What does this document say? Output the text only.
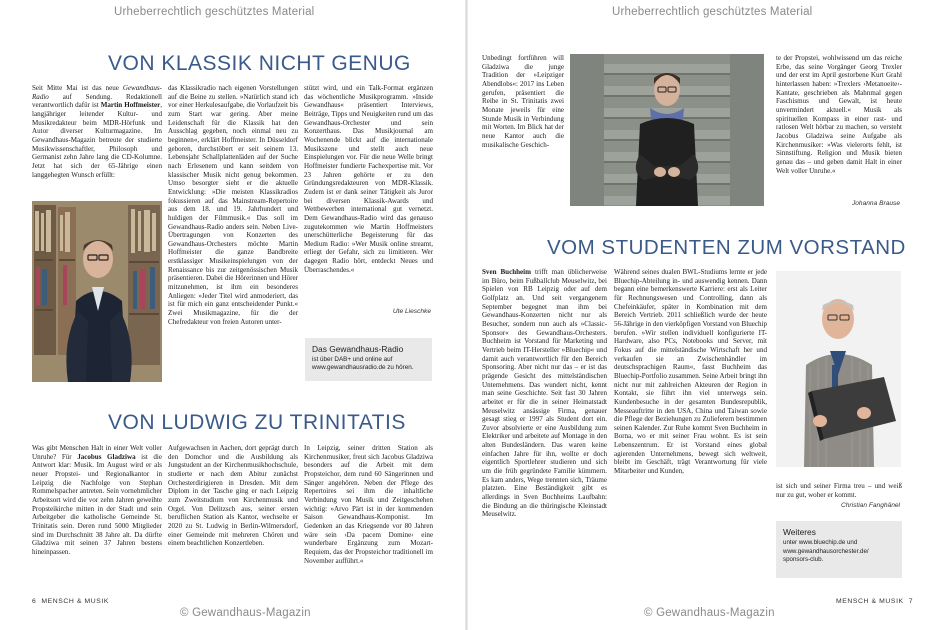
Urheberrechtlich geschütztes Material	Urheberrechtlich geschütztes Material
VON KLASSIK NICHT GENUG
Seit Mitte Mai ist das neue Gewandhaus-Radio auf Sendung. Redaktionell verantwortlich dafür ist Martin Hoffmeister, langjähriger leitender Kultur- und Musikredakteur beim MDR-Hörfunk und Autor diverser Kulturmagazine. Im Gewandhaus-Magazin betreute der studierte Musikwissenschaftler, Philosoph und Germanist zehn Jahre lang die CD-Kolumne. Jetzt hat sich der 65-Jährige einen langgehegten Wunsch erfüllt:
das Klassikradio nach eigenen Vorstellungen auf die Beine zu stellen. »Natürlich stand ich vor einer Herkulesaufgabe, die Vorlaufzeit bis zum Start war gering. Aber meine Leidenschaft für die Klassik hat den Ausschlag gegeben, noch einmal neu zu beginnen«, erklärt Hoffmeister. In Düsseldorf geboren, durchstöbert er seit seinem 13. Lebensjahr Schallplattenläden auf der Suche nach Erlesenem und kann seitdem von klassischer Musik nicht genug bekommen. Umso besorgter sieht er die aktuelle Entwicklung: »Die meisten Klassikradios fokussieren auf das Mainstream-Repertoire aus dem 18. und 19. Jahrhundert und huldigen der Filmmusik.« Das soll im Gewandhaus-Radio anders sein. Neben Live-Übertragungen von Konzerten des Gewandhaus-Orchesters möchte Martin Hoffmeister die ganze Bandbreite erstklassiger Musikeinspielungen von der Renaissance bis zur zeitgenössischen Musik präsentieren. Dabei die Hörerinnen und Hörer mitzunehmen, ist ihm ein besonderes Anliegen: »Jeder Titel wird anmoderiert, das ist für mich ein ganz entscheidender Punkt.« Zwei Musikmagazine, für die der Chefredakteur von freien Autoren unter-
stützt wird, und ein Talk-Format ergänzen das wöchentliche Musikprogramm. »Inside Gewandhaus« präsentiert Interviews, Beiträge, Tipps und Neuigkeiten rund um das Gewandhaus-Orchester und sein Konzerthaus. Das Musikjournal am Wochenende blickt auf die internationale Musikszene und stellt auch neue Einspielungen vor. Für die neue Welle bringt Hoffmeister fundierte Fachexpertise mit. Vor 23 Jahren gehörte er zu den Gründungsredakteuren von MDR-Klassik. Zudem ist er dank seiner Tätigkeit als Juror bei diversen Klassik-Awards und Wettbewerben international gut vernetzt. Dem Gewandhaus-Radio wird das genauso zugutekommen wie Martin Hoffmeisters unerschütterliche Begeisterung für das Medium Radio: »Wer Musik online streamt, erliegt der Gefahr, sich zu limitieren. Wer dagegen Radio hört, entdeckt Neues und Überraschendes.«
Ute Lieschke
Das Gewandhaus-Radio
ist über DAB+ und online auf
www.gewandhausradio.de zu hören.
VON LUDWIG ZU TRINITATIS
Was gibt Menschen Halt in einer Welt voller Unruhe? Für Jacobus Gladziwa ist die Antwort klar: Musik. Im August wird er als neuer Propstei- und Regionalkantor in Leipzig die Nachfolge von Stephan Rommelspacher antreten. Sein vornehmlicher Arbeitsort wird die vor zehn Jahren geweihte Propsteikirche mitten in der Stadt und sein Arbeitgeber die katholische Gemeinde St. Trinitatis sein. Deren rund 5000 Mitglieder sind im Durchschnitt 38 Jahre alt. Da dürfte Gladziwa mit seinen 37 Jahren bestens hineinpassen.
Aufgewachsen in Aachen, dort geprägt durch den Domchor und die Ausbildung als Jungstudent an der Kirchenmusikhochschule, studierte er nach dem Abitur zunächst Orchesterdirigieren in Dresden. Mit dem Diplom in der Tasche ging er nach Leipzig zum Zweitstudium von Kirchenmusik und Orgel. Von Delitzsch aus, seiner ersten beruflichen Station als Kantor, wechselte er 2020 zu St. Ludwig in Berlin-Wilmersdorf, einer Gemeinde mit mehreren Chören und einem beachtlichen Konzertleben.
In Leipzig, seiner dritten Station als Kirchenmusiker, freut sich Jacobus Gladziwa besonders auf die Arbeit mit dem Propsteichor, dem rund 60 Sängerinnen und Sänger angehören. Neben der Pflege des Repertoires sei ihm die inhaltliche Verbindung von Musik und Zeitgeschehen wichtig: »Arvo Pärt ist in der kommenden Saison Gewandhaus-Komponist. Im Gedenken an das Kriegsende vor 80 Jahren wäre sein ›Da pacem Domine‹ eine wunderbare Ergänzung zum Mozart-Requiem, das der Propsteichor traditionell im November aufführt.«
6 MENSCH & MUSIK
© Gewandhaus-Magazin
Unbedingt fortführen will Gladziwa die junge Tradition der »Leipziger Abendlobs«: 2017 ins Leben gerufen, präsentiert die Reihe in St. Trinitatis zwei Monate jeweils für eine Stunde Musik in Verbindung mit Worten. Im Blick hat der neue Kantor auch die musikalische Geschich-
te der Propstei, wohlwissend um das reiche Erbe, das seine Vorgänger Georg Trexler und der erst im April gestorbene Kurt Grahl hinterlassen haben: »Trexlers ›Metanoeite‹-Kantate, geschrieben als Mahnmal gegen Faschismus und Gewalt, ist heute unvermindert aktuell.« Musik als spirituellen Kompass in einer rast- und ratlosen Welt hörbar zu machen, so versteht Jacobus Gladziwa seine Aufgabe als Kirchenmusiker: »Was vielerorts fehlt, ist Sinnstiftung. Religion und Musik bieten genau das – und geben damit Halt in einer Welt voller Unruhe.«
Johanna Brause
VOM STUDENTEN ZUM VORSTAND
Sven Buchheim trifft man üblicherweise im Büro, beim Fußballclub Meuselwitz, bei Spielen von RB Leipzig oder auf dem Golfplatz an. Und seit vergangenem September begegnet man ihm bei Gewandhaus-Konzerten nicht nur als Besucher, sondern nun auch als »Classic-Sponsor« des Gewandhaus-Orchesters. Buchheim ist Vorstand für Marketing und Vertrieb beim IT-Hersteller »Bluechip« und damit auch verantwortlich für den Bereich Sponsoring. Aber nicht nur das – er ist das prägende Gesicht des mittelständischen Unternehmens. Das wundert nicht, kennt man seine Geschichte. Seit fast 30 Jahren arbeitet er für die in seiner Heimatstadt Meuselwitz ansässige Firma, genauer gesagt stieg er 1997 als Student dort ein. Zuvor absolvierte er eine Ausbildung zum Elektriker und arbeitete auf Montage in den alten Bundesländern. Das waren keine einfachen Jahre für ihn, wollte er doch eigentlich Sportlehrer studieren und sich um die früh gegründete Familie kümmern. Es kam anders, Wege trennten sich, Träume platzten. Eine Beständigkeit gibt es allerdings in Sven Buchheims Laufbahn: die Bindung an die thüringische Kleinstadt Meuselwitz.
Während seines dualen BWL-Studiums lernte er jede Bluechip-Abteilung in- und auswendig kennen. Dann begann eine bemerkenswerte Karriere: erst als Leiter für Rechnungswesen und Controlling, dann als Chefeinkäufer, später in Kombination mit dem Bereich Vertrieb. 2011 schließlich wurde der heute 56-Jährige in den vierköpfigen Vorstand von Bluechip berufen. »Wir stellen individuell konfigurierte IT-Hardware, also PCs, Notebooks und Server, mit Fokus auf die mittelständische Wirtschaft her und verkaufen sie an Zwischenhändler im deutschsprachigen Raum«, fasst Buchheim das Bluechip-Portfolio zusammen. Seine Arbeit bringt ihn nicht nur mit zahlreichen Akteuren der Region in Kontakt, sie führt ihn viel unterwegs sein. Kundenbesuche in der gesamten Bundesrepublik, Messeauftritte in den USA, China und Taiwan sowie die Pflege der Beziehungen zu Zulieferern bestimmen seinen Kalender. Zur Ruhe kommt Sven Buchheim in Borna, wo er mit seiner Frau wohnt. Es ist sein Lebenszentrum. Er ist Vorstand eines global agierenden Unternehmens, bewegt sich weltweit, bleibt im Geschäft, trägt Verantwortung für viele Mitarbeiter und Kunden,
ist sich und seiner Firma treu – und weiß nur zu gut, woher er kommt.
Christian Fanghänel
Weiteres
unter www.bluechip.de und
www.gewandhausorchester.de/
sponsors-club.
MENSCH & MUSIK 7
© Gewandhaus-Magazin
